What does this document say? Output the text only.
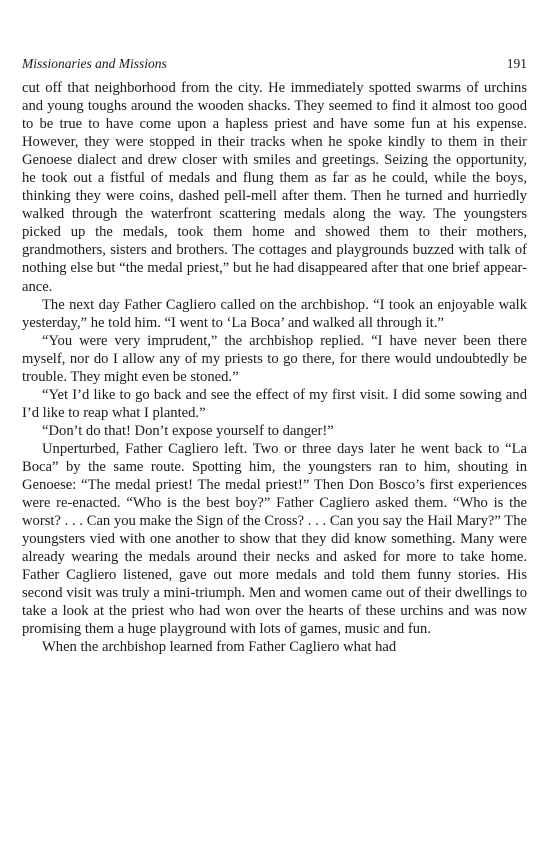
Missionaries and Missions	191

cut off that neighborhood from the city. He immediately spotted swarms of urchins and young toughs around the wooden shacks. They seemed to find it almost too good to be true to have come upon a hapless priest and have some fun at his expense. However, they were stopped in their tracks when he spoke kindly to them in their Genoese dialect and drew closer with smiles and greetings. Seizing the opportunity, he took out a fistful of medals and flung them as far as he could, while the boys, thinking they were coins, dashed pell-mell after them. Then he turned and hurriedly walked through the waterfront scattering medals along the way. The youngsters picked up the medals, took them home and showed them to their mothers, grandmothers, sisters and brothers. The cottages and playgrounds buzzed with talk of nothing else but “the medal priest,” but he had disappeared after that one brief appear-ance.

The next day Father Cagliero called on the archbishop. “I took an enjoyable walk yesterday,” he told him. “I went to ‘La Boca’ and walked all through it.”

“You were very imprudent,” the archbishop replied. “I have never been there myself, nor do I allow any of my priests to go there, for there would undoubtedly be trouble. They might even be stoned.”

“Yet I’d like to go back and see the effect of my first visit. I did some sowing and I’d like to reap what I planted.”

“Don’t do that! Don’t expose yourself to danger!”

Unperturbed, Father Cagliero left. Two or three days later he went back to “La Boca” by the same route. Spotting him, the youngsters ran to him, shouting in Genoese: “The medal priest! The medal priest!” Then Don Bosco’s first experiences were re-enacted. “Who is the best boy?” Father Cagliero asked them. “Who is the worst? . . . Can you make the Sign of the Cross? . . . Can you say the Hail Mary?” The youngsters vied with one another to show that they did know something. Many were already wearing the medals around their necks and asked for more to take home. Father Cagliero listened, gave out more medals and told them funny stories. His second visit was truly a mini-triumph. Men and women came out of their dwellings to take a look at the priest who had won over the hearts of these urchins and was now promising them a huge playground with lots of games, music and fun.

When the archbishop learned from Father Cagliero what had
